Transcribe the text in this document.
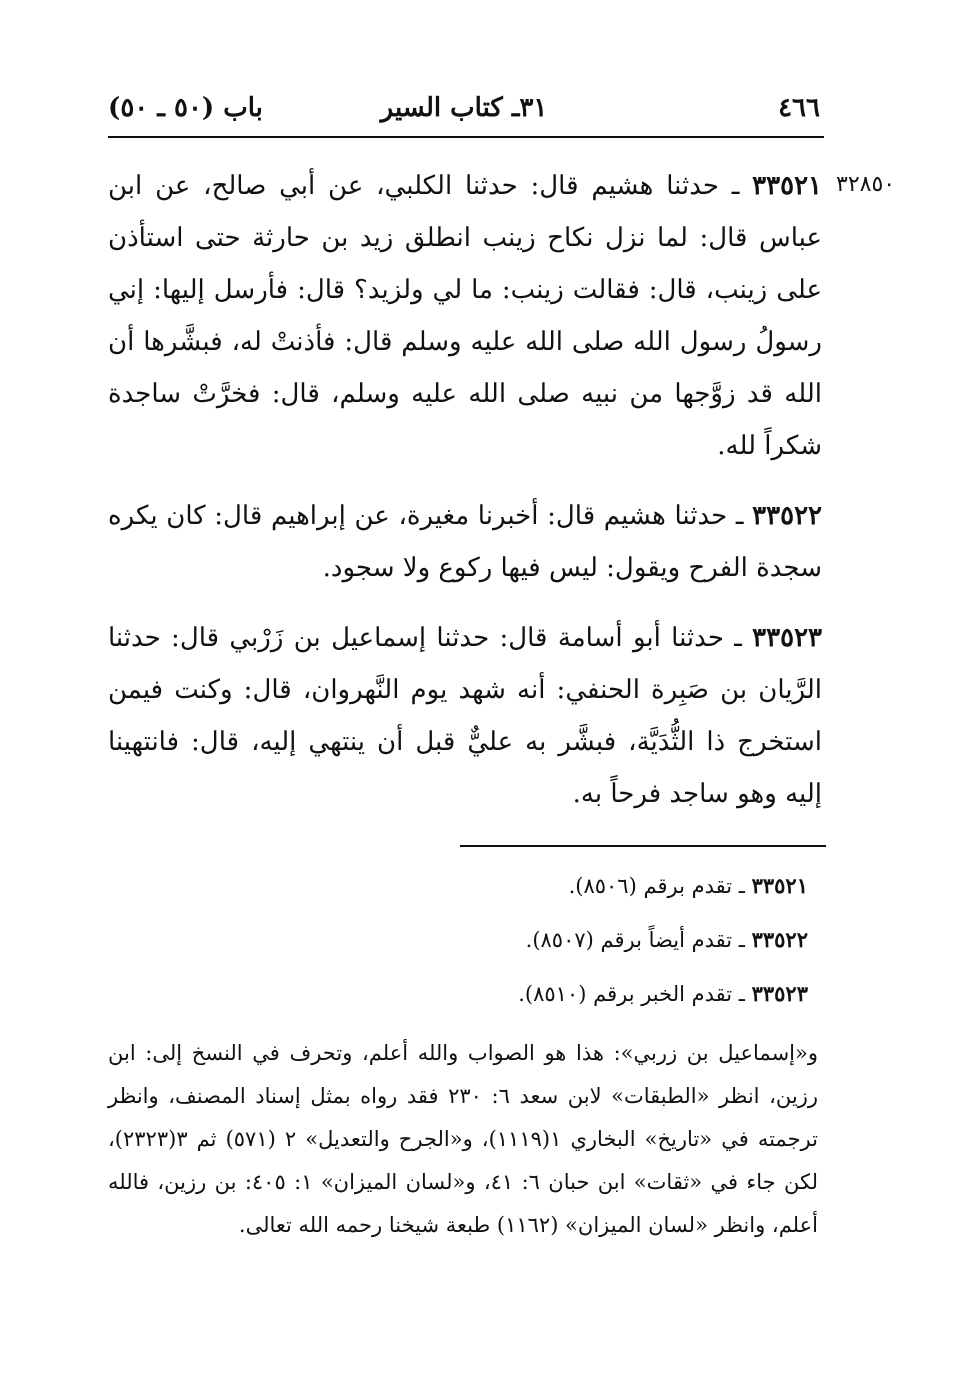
٤٦٦
٣١ـ كتاب السير
باب (٥٠ ـ ٥٠)
٣٢٨٥٠

٣٣٥٢١ ـ حدثنا هشيم قال: حدثنا الكلبي، عن أبي صالح، عن ابن عباس قال: لما نزل نكاح زينب انطلق زيد بن حارثة حتى استأذن على زينب، قال: فقالت زينب: ما لي ولزيد؟ قال: فأرسل إليها: إني رسولُ رسول الله صلى الله عليه وسلم قال: فأذنتْ له، فبشَّرها أن الله قد زوَّجها من نبيه صلى الله عليه وسلم، قال: فخرَّتْ ساجدة شكراً لله.

٣٣٥٢٢ ـ حدثنا هشيم قال: أخبرنا مغيرة، عن إبراهيم قال: كان يكره سجدة الفرح ويقول: ليس فيها ركوع ولا سجود.

٣٣٥٢٣ ـ حدثنا أبو أسامة قال: حدثنا إسماعيل بن زَرْبي قال: حدثنا الرَّيان بن صَبِرة الحنفي: أنه شهد يوم النَّهروان، قال: وكنت فيمن استخرج ذا الثُّدَيَّة، فبشَّر به عليٌّ قبل أن ينتهي إليه، قال: فانتهينا إليه وهو ساجد فرحاً به.

٣٣٥٢١ ـ تقدم برقم (٨٥٠٦).
٣٣٥٢٢ ـ تقدم أيضاً برقم (٨٥٠٧).
٣٣٥٢٣ ـ تقدم الخبر برقم (٨٥١٠).

و«إسماعيل بن زربي»: هذا هو الصواب والله أعلم، وتحرف في النسخ إلى: ابن رزين، انظر «الطبقات» لابن سعد ٦: ٢٣٠ فقد رواه بمثل إسناد المصنف، وانظر ترجمته في «تاريخ» البخاري ١(١١١٩)، و«الجرح والتعديل» ٢ (٥٧١) ثم ٣(٢٣٢٣)، لكن جاء في «ثقات» ابن حبان ٦: ٤١، و«لسان الميزان» ١: ٤٠٥: بن رزين، فالله أعلم، وانظر «لسان الميزان» (١١٦٢) طبعة شيخنا رحمه الله تعالى.
